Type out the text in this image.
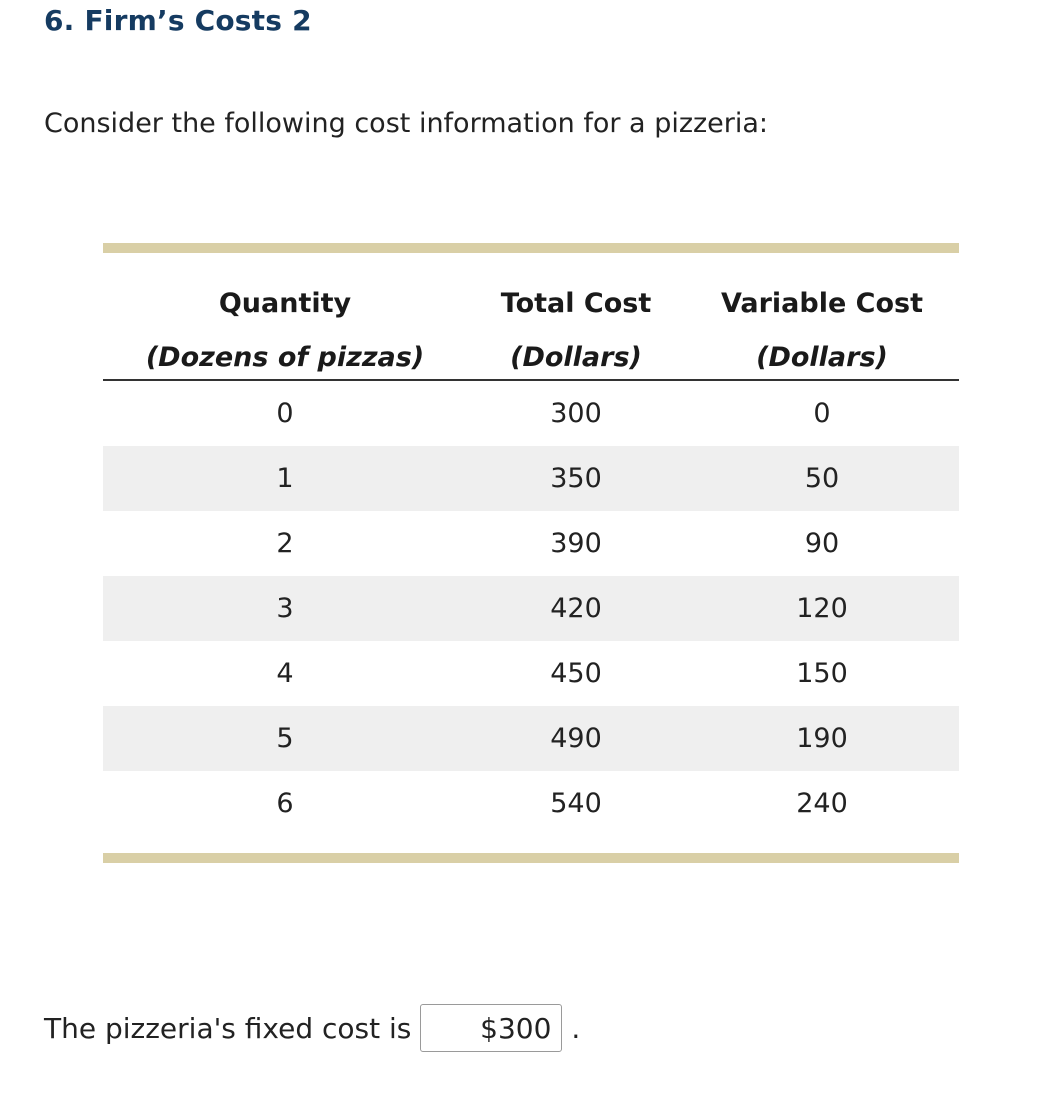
6. Firm’s Costs 2
Consider the following cost information for a pizzeria:
Quantity	Total Cost	Variable Cost
(Dozens of pizzas)	(Dollars)	(Dollars)
0	300	0
1	350	50
2	390	90
3	420	120
4	450	150
5	490	190
6	540	240
The pizzeria's fixed cost is	$300 .
